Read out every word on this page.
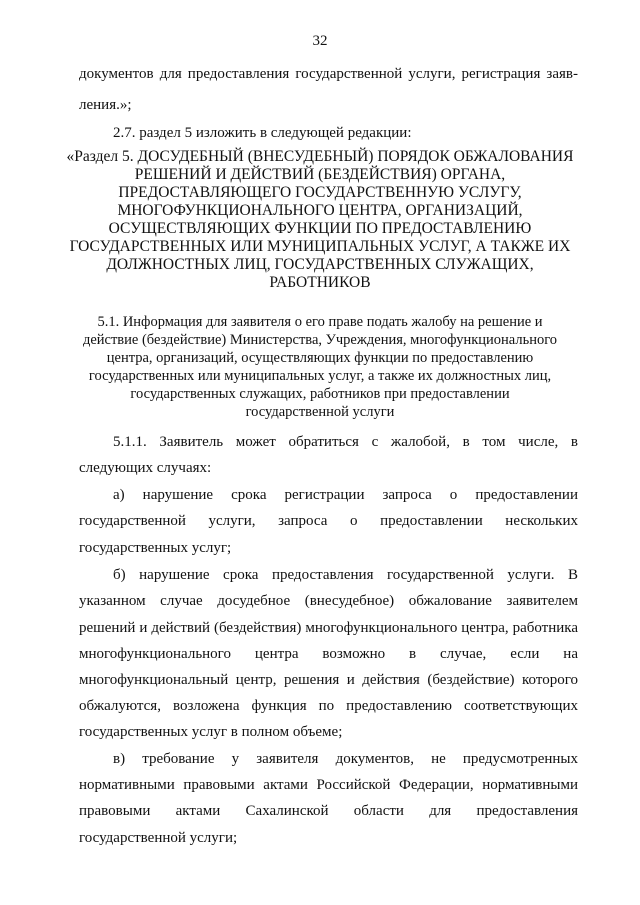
32
документов для предоставления государственной услуги, регистрация заяв-
ления.»;
2.7. раздел 5 изложить в следующей редакции:
«Раздел 5. ДОСУДЕБНЫЙ (ВНЕСУДЕБНЫЙ) ПОРЯДОК ОБЖАЛОВАНИЯ
РЕШЕНИЙ И ДЕЙСТВИЙ (БЕЗДЕЙСТВИЯ) ОРГАНА,
ПРЕДОСТАВЛЯЮЩЕГО ГОСУДАРСТВЕННУЮ УСЛУГУ,
МНОГОФУНКЦИОНАЛЬНОГО ЦЕНТРА, ОРГАНИЗАЦИЙ,
ОСУЩЕСТВЛЯЮЩИХ ФУНКЦИИ ПО ПРЕДОСТАВЛЕНИЮ
ГОСУДАРСТВЕННЫХ ИЛИ МУНИЦИПАЛЬНЫХ УСЛУГ, А ТАКЖЕ ИХ
ДОЛЖНОСТНЫХ ЛИЦ, ГОСУДАРСТВЕННЫХ СЛУЖАЩИХ,
РАБОТНИКОВ
5.1. Информация для заявителя о его праве подать жалобу на решение и
действие (бездействие) Министерства, Учреждения, многофункционального
центра, организаций, осуществляющих функции по предоставлению
государственных или муниципальных услуг, а также их должностных лиц,
государственных служащих, работников при предоставлении
государственной услуги
5.1.1. Заявитель может обратиться с жалобой, в том числе, в
следующих случаях:
а) нарушение срока регистрации запроса о предоставлении
государственной услуги, запроса о предоставлении нескольких
государственных услуг;
б) нарушение срока предоставления государственной услуги. В
указанном случае досудебное (внесудебное) обжалование заявителем
решений и действий (бездействия) многофункционального центра, работника
многофункционального центра возможно в случае, если на
многофункциональный центр, решения и действия (бездействие) которого
обжалуются, возложена функция по предоставлению соответствующих
государственных услуг в полном объеме;
в) требование у заявителя документов, не предусмотренных
нормативными правовыми актами Российской Федерации, нормативными
правовыми актами Сахалинской области для предоставления
государственной услуги;
